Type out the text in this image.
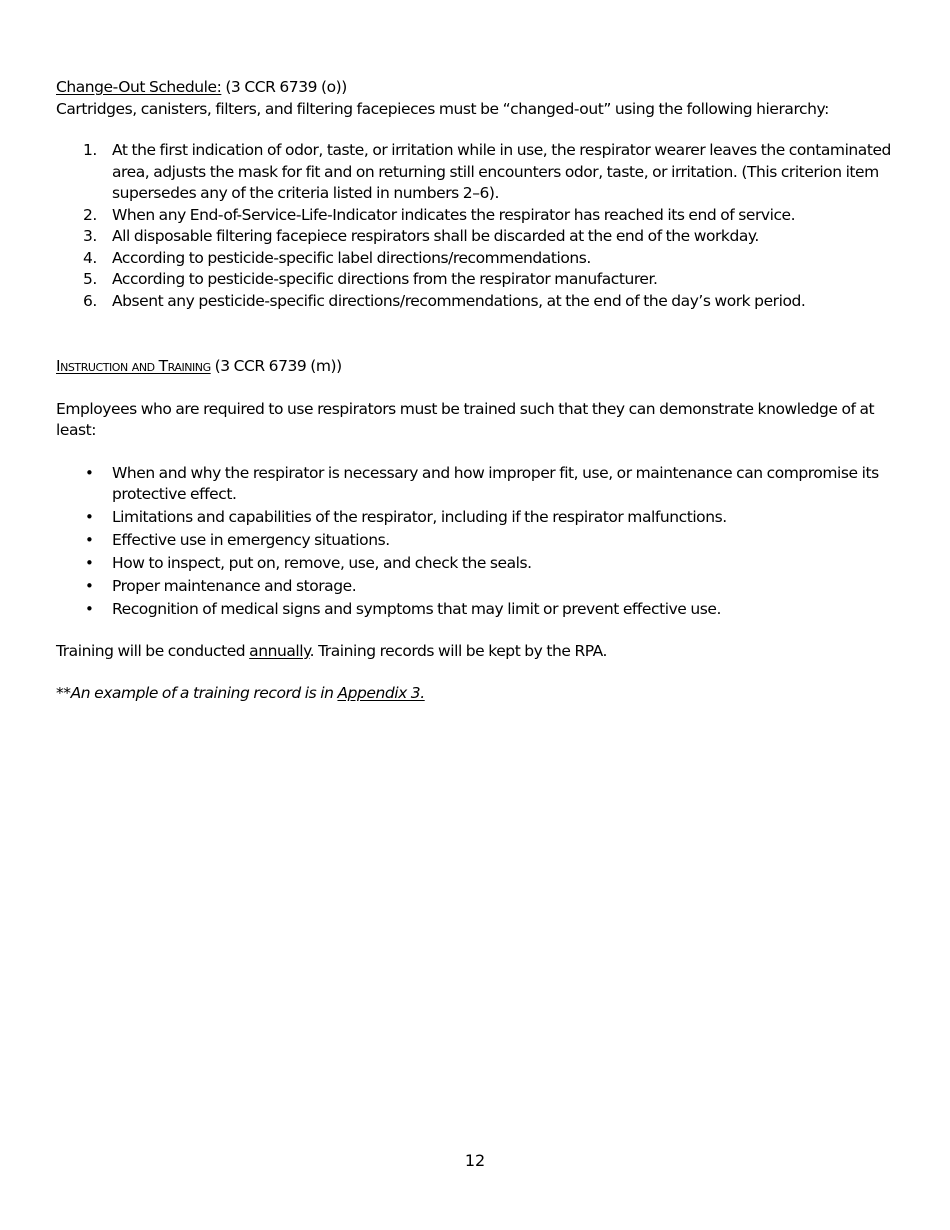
Change-Out Schedule: (3 CCR 6739 (o))

Cartridges, canisters, filters, and filtering facepieces must be “changed-out” using the following hierarchy:

1. At the first indication of odor, taste, or irritation while in use, the respirator wearer leaves the contaminated area, adjusts the mask for fit and on returning still encounters odor, taste, or irritation. (This criterion item supersedes any of the criteria listed in numbers 2–6).
2. When any End-of-Service-Life-Indicator indicates the respirator has reached its end of service.
3. All disposable filtering facepiece respirators shall be discarded at the end of the workday.
4. According to pesticide-specific label directions/recommendations.
5. According to pesticide-specific directions from the respirator manufacturer.
6. Absent any pesticide-specific directions/recommendations, at the end of the day’s work period.

Instruction and Training (3 CCR 6739 (m))

Employees who are required to use respirators must be trained such that they can demonstrate knowledge of at least:

• When and why the respirator is necessary and how improper fit, use, or maintenance can compromise its protective effect.
• Limitations and capabilities of the respirator, including if the respirator malfunctions.
• Effective use in emergency situations.
• How to inspect, put on, remove, use, and check the seals.
• Proper maintenance and storage.
• Recognition of medical signs and symptoms that may limit or prevent effective use.

Training will be conducted annually. Training records will be kept by the RPA.

**An example of a training record is in Appendix 3.

12
